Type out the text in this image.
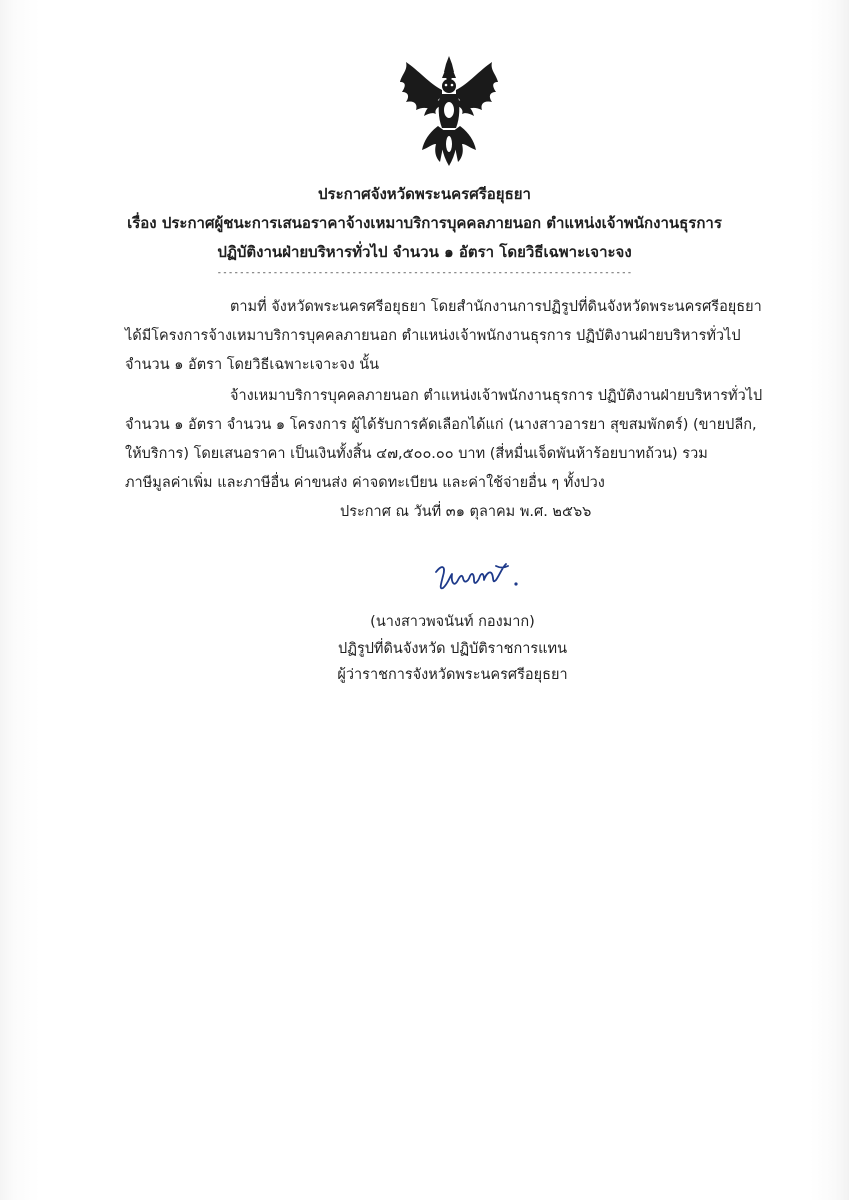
ประกาศจังหวัดพระนครศรีอยุธยา
เรื่อง ประกาศผู้ชนะการเสนอราคาจ้างเหมาบริการบุคคลภายนอก ตำแหน่งเจ้าพนักงานธุรการ
ปฏิบัติงานฝ่ายบริหารทั่วไป จำนวน ๑ อัตรา โดยวิธีเฉพาะเจาะจง
--------------------------------------------------------------------------
ตามที่ จังหวัดพระนครศรีอยุธยา โดยสำนักงานการปฏิรูปที่ดินจังหวัดพระนครศรีอยุธยา
ได้มีโครงการจ้างเหมาบริการบุคคลภายนอก ตำแหน่งเจ้าพนักงานธุรการ ปฏิบัติงานฝ่ายบริหารทั่วไป
จำนวน ๑ อัตรา โดยวิธีเฉพาะเจาะจง นั้น
จ้างเหมาบริการบุคคลภายนอก ตำแหน่งเจ้าพนักงานธุรการ ปฏิบัติงานฝ่ายบริหารทั่วไป
จำนวน ๑ อัตรา จำนวน ๑ โครงการ ผู้ได้รับการคัดเลือกได้แก่ (นางสาวอารยา สุขสมพักตร์) (ขายปลีก,
ให้บริการ) โดยเสนอราคา เป็นเงินทั้งสิ้น ๔๗,๕๐๐.๐๐ บาท (สี่หมื่นเจ็ดพันห้าร้อยบาทถ้วน) รวม
ภาษีมูลค่าเพิ่ม และภาษีอื่น ค่าขนส่ง ค่าจดทะเบียน และค่าใช้จ่ายอื่น ๆ ทั้งปวง
ประกาศ ณ วันที่ ๓๑ ตุลาคม พ.ศ. ๒๕๖๖
(นางสาวพจนันท์ กองมาก)
ปฏิรูปที่ดินจังหวัด ปฏิบัติราชการแทน
ผู้ว่าราชการจังหวัดพระนครศรีอยุธยา
